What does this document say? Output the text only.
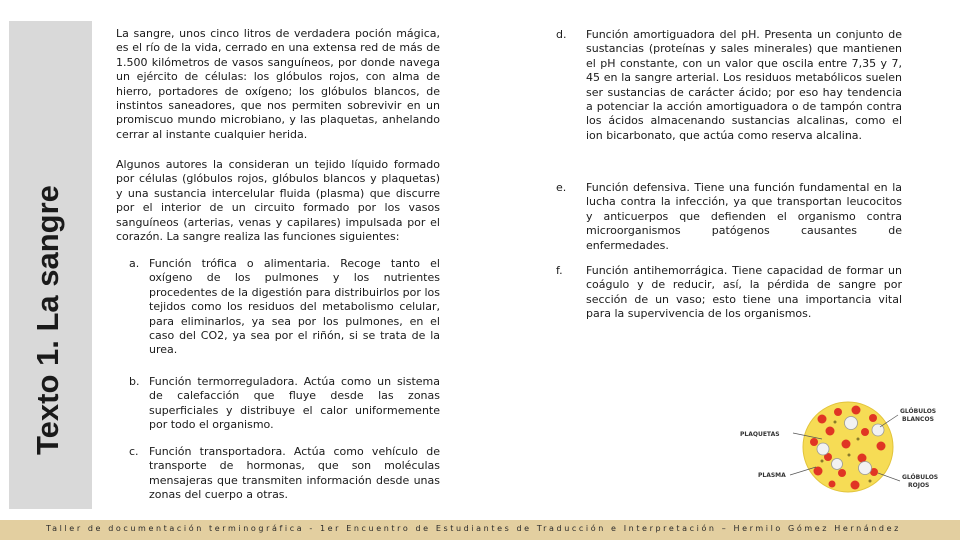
Texto 1. La sangre

La sangre, unos cinco litros de verdadera poción mágica, es el río de la vida, cerrado en una extensa red de más de 1.500 kilómetros de vasos sanguíneos, por donde navega un ejército de células: los glóbulos rojos, con alma de hierro, portadores de oxígeno; los glóbulos blancos, de instintos saneadores, que nos permiten sobrevivir en un promiscuo mundo microbiano, y las plaquetas, anhelando cerrar al instante cualquier herida.

Algunos autores la consideran un tejido líquido formado por células (glóbulos rojos, glóbulos blancos y plaquetas) y una sustancia intercelular fluida (plasma) que discurre por el interior de un circuito formado por los vasos sanguíneos (arterias, venas y capilares) impulsada por el corazón. La sangre realiza las funciones siguientes:

a. Función trófica o alimentaria. Recoge tanto el oxígeno de los pulmones y los nutrientes procedentes de la digestión para distribuirlos por los tejidos como los residuos del metabolismo celular, para eliminarlos, ya sea por los pulmones, en el caso del CO2, ya sea por el riñón, si se trata de la urea.

b. Función termorreguladora. Actúa como un sistema de calefacción que fluye desde las zonas superficiales y distribuye el calor uniformemente por todo el organismo.

c. Función transportadora. Actúa como vehículo de transporte de hormonas, que son moléculas mensajeras que transmiten información desde unas zonas del cuerpo a otras.

d. Función amortiguadora del pH. Presenta un conjunto de sustancias (proteínas y sales minerales) que mantienen el pH constante, con un valor que oscila entre 7,35 y 7, 45 en la sangre arterial. Los residuos metabólicos suelen ser sustancias de carácter ácido; por eso hay tendencia a potenciar la acción amortiguadora o de tampón contra los ácidos almacenando sustancias alcalinas, como el ion bicarbonato, que actúa como reserva alcalina.

e. Función defensiva. Tiene una función fundamental en la lucha contra la infección, ya que transportan leucocitos y anticuerpos que defienden el organismo contra microorganismos patógenos causantes de enfermedades.

f. Función antihemorrágica. Tiene capacidad de formar un coágulo y de reducir, así, la pérdida de sangre por sección de un vaso; esto tiene una importancia vital para la supervivencia de los organismos.

PLAQUETAS
GLÓBULOS
BLANCOS
PLASMA	GLÓBULOS
ROJOS
Taller de documentación terminográfica - 1er Encuentro de Estudiantes de Traducción e Interpretación – Hermilo Gómez Hernández
